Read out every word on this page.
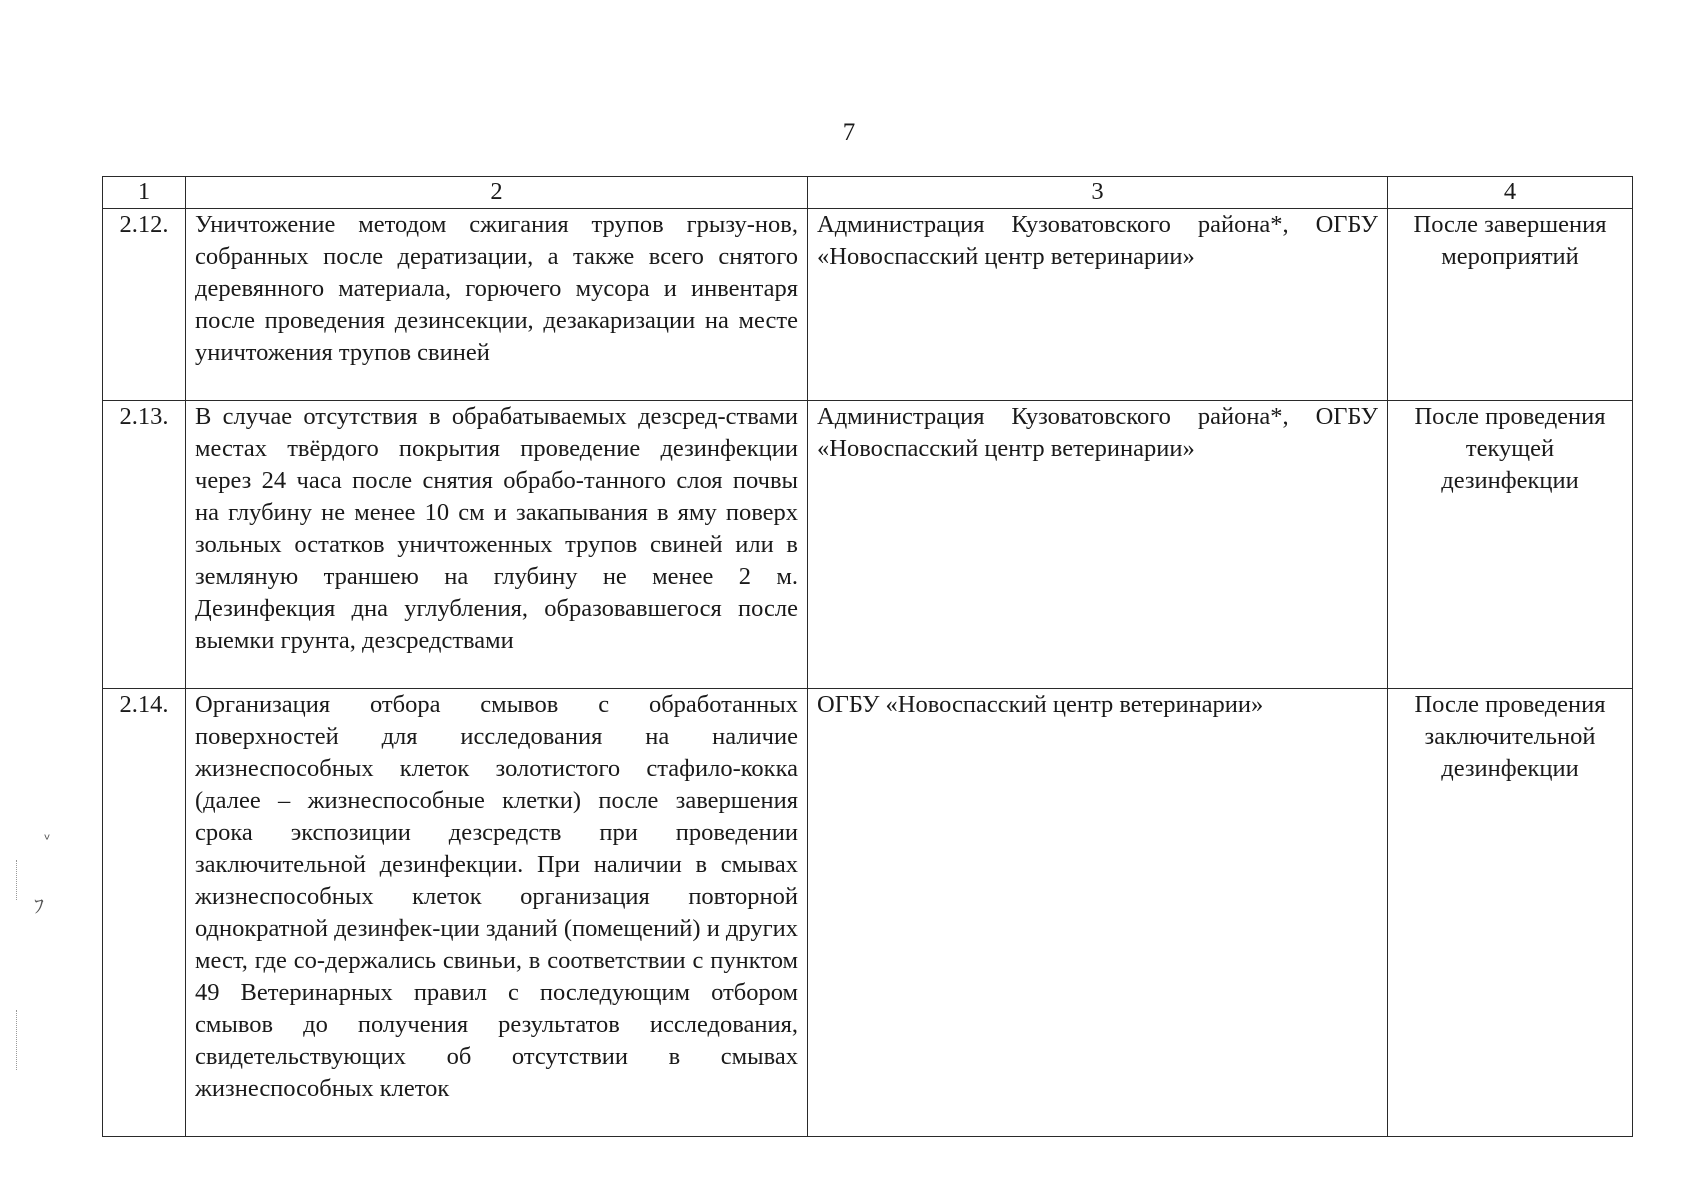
7
ᵛ
ﾌ
1	2	3	4
2.12.	Уничтожение методом сжигания трупов грызу-нов, собранных после дератизации, а также всего снятого деревянного материала, горючего мусора и инвентаря после проведения дезинсекции, дезакаризации на месте уничтожения трупов свиней	Администрация Кузоватовского района*, ОГБУ «Новоспасский центр ветеринарии»	После завершения мероприятий
2.13.	В случае отсутствия в обрабатываемых дезсред-ствами местах твёрдого покрытия проведение дезинфекции через 24 часа после снятия обрабо-танного слоя почвы на глубину не менее 10 см и закапывания в яму поверх зольных остатков уничтоженных трупов свиней или в земляную траншею на глубину не менее 2 м. Дезинфекция дна углубления, образовавшегося после выемки грунта, дезсредствами	Администрация Кузоватовского района*, ОГБУ «Новоспасский центр ветеринарии»	После проведения текущей дезинфекции
2.14.	Организация отбора смывов с обработанных поверхностей для исследования на наличие жизнеспособных клеток золотистого стафило-кокка (далее – жизнеспособные клетки) после завершения срока экспозиции дезсредств при проведении заключительной дезинфекции. При наличии в смывах жизнеспособных клеток организация повторной однократной дезинфек-ции зданий (помещений) и других мест, где со-держались свиньи, в соответствии с пунктом 49 Ветеринарных правил с последующим отбором смывов до получения результатов исследования, свидетельствующих об отсутствии в смывах жизнеспособных клеток	ОГБУ «Новоспасский центр ветеринарии»	После проведения заключительной дезинфекции
